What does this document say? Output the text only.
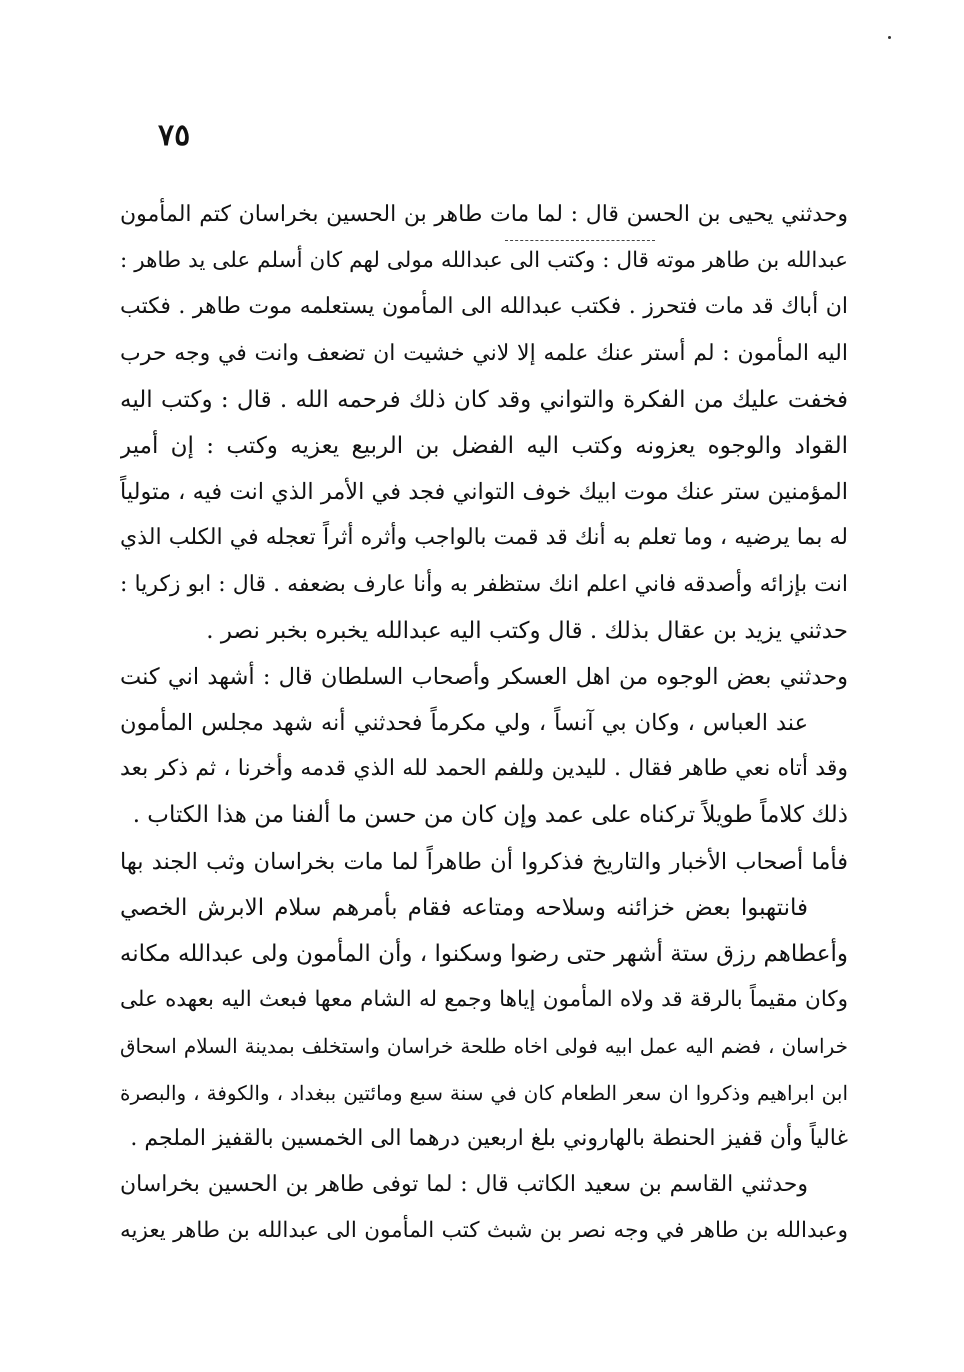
٧٥
وحدثني يحيى بن الحسن قال : لما مات طاهر بن الحسين بخراسان كتم المأمون
عبدالله بن طاهر موته قال : وكتب الى عبدالله مولى لهم كان أسلم على يد طاهر :
ان أباك قد مات فتحرز . فكتب عبدالله الى المأمون يستعلمه موت طاهر . فكتب
اليه المأمون : لم أستر عنك علمه إلا لاني خشيت ان تضعف وانت في وجه حرب
فخفت عليك من الفكرة والتواني وقد كان ذلك فرحمه الله . قال : وكتب اليه
القواد والوجوه يعزونه وكتب اليه الفضل بن الربيع يعزيه وكتب : إن أمير
المؤمنين ستر عنك موت ابيك خوف التواني فجد في الأمر الذي انت فيه ، متولياً
له بما يرضيه ، وما تعلم به أنك قد قمت بالواجب وأثره أثراً تعجله في الكلب الذي
انت بإزائه وأصدقه فاني اعلم انك ستظفر به وأنا عارف بضعفه . قال : ابو زكريا :
حدثني يزيد بن عقال بذلك . قال وكتب اليه عبدالله يخبره بخبر نصر .
وحدثني بعض الوجوه من اهل العسكر وأصحاب السلطان قال : أشهد اني كنت
عند العباس ، وكان بي آنساً ، ولي مكرماً فحدثني أنه شهد مجلس المأمون
وقد أتاه نعي طاهر فقال . لليدين وللفم الحمد لله الذي قدمه وأخرنا ، ثم ذكر بعد
ذلك كلاماً طويلاً تركناه على عمد وإن كان من حسن ما ألفنا من هذا الكتاب .
فأما أصحاب الأخبار والتاريخ فذكروا أن طاهراً لما مات بخراسان وثب الجند بها
فانتهبوا بعض خزائنه وسلاحه ومتاعه فقام بأمرهم سلام الابرش الخصي
وأعطاهم رزق ستة أشهر حتى رضوا وسكنوا ، وأن المأمون ولى عبدالله مكانه
وكان مقيماً بالرقة قد ولاه المأمون إياها وجمع له الشام معها فبعث اليه بعهده على
خراسان ، فضم اليه عمل ابيه فولى اخاه طلحة خراسان واستخلف بمدينة السلام اسحاق
ابن ابراهيم وذكروا ان سعر الطعام كان في سنة سبع ومائتين ببغداد ، والكوفة ، والبصرة
غالياً وأن قفيز الحنطة بالهاروني بلغ اربعين درهما الى الخمسين بالقفيز الملجم .
وحدثني القاسم بن سعيد الكاتب قال : لما توفى طاهر بن الحسين بخراسان
وعبدالله بن طاهر في وجه نصر بن شبث كتب المأمون الى عبدالله بن طاهر يعزيه
